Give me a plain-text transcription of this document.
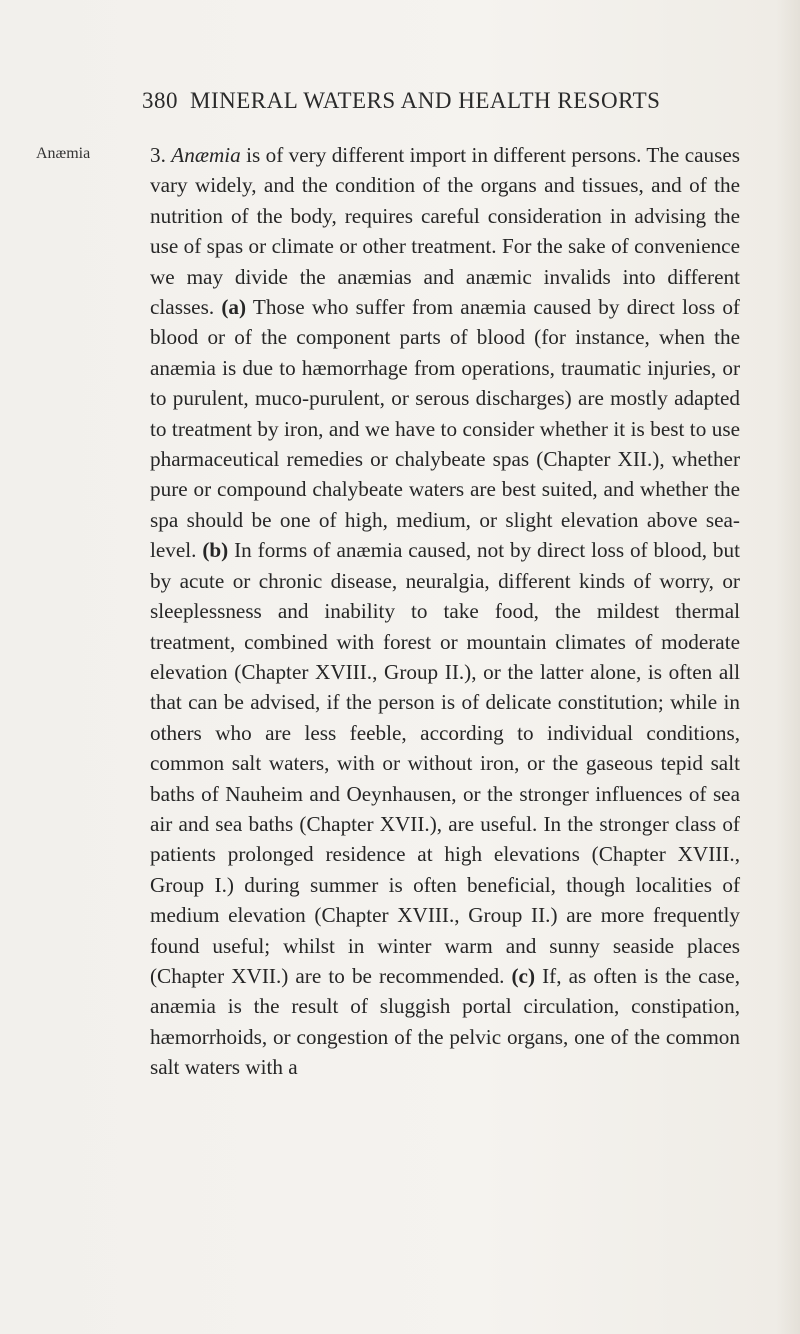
380 MINERAL WATERS AND HEALTH RESORTS
Anæmia	3. Anæmia is of very different import in different persons. The causes vary widely, and the condition of the organs and tissues, and of the nutrition of the body, requires careful consideration in advising the use of spas or climate or other treatment. For the sake of convenience we may divide the anæmias and anæmic invalids into different classes. (a) Those who suffer from anæmia caused by direct loss of blood or of the component parts of blood (for instance, when the anæmia is due to hæmorrhage from operations, traumatic injuries, or to purulent, muco-purulent, or serous discharges) are mostly adapted to treatment by iron, and we have to consider whether it is best to use pharmaceutical remedies or chalybeate spas (Chapter XII.), whether pure or compound chalybeate waters are best suited, and whether the spa should be one of high, medium, or slight elevation above sea-level. (b) In forms of anæmia caused, not by direct loss of blood, but by acute or chronic disease, neuralgia, different kinds of worry, or sleeplessness and inability to take food, the mildest thermal treatment, combined with forest or mountain climates of moderate elevation (Chapter XVIII., Group II.), or the latter alone, is often all that can be advised, if the person is of delicate constitution; while in others who are less feeble, according to individual conditions, common salt waters, with or without iron, or the gaseous tepid salt baths of Nauheim and Oeynhausen, or the stronger influences of sea air and sea baths (Chapter XVII.), are useful. In the stronger class of patients prolonged residence at high elevations (Chapter XVIII., Group I.) during summer is often beneficial, though localities of medium elevation (Chapter XVIII., Group II.) are more frequently found useful; whilst in winter warm and sunny seaside places (Chapter XVII.) are to be recommended. (c) If, as often is the case, anæmia is the result of sluggish portal circulation, constipation, hæmorrhoids, or congestion of the pelvic organs, one of the common salt waters with a
